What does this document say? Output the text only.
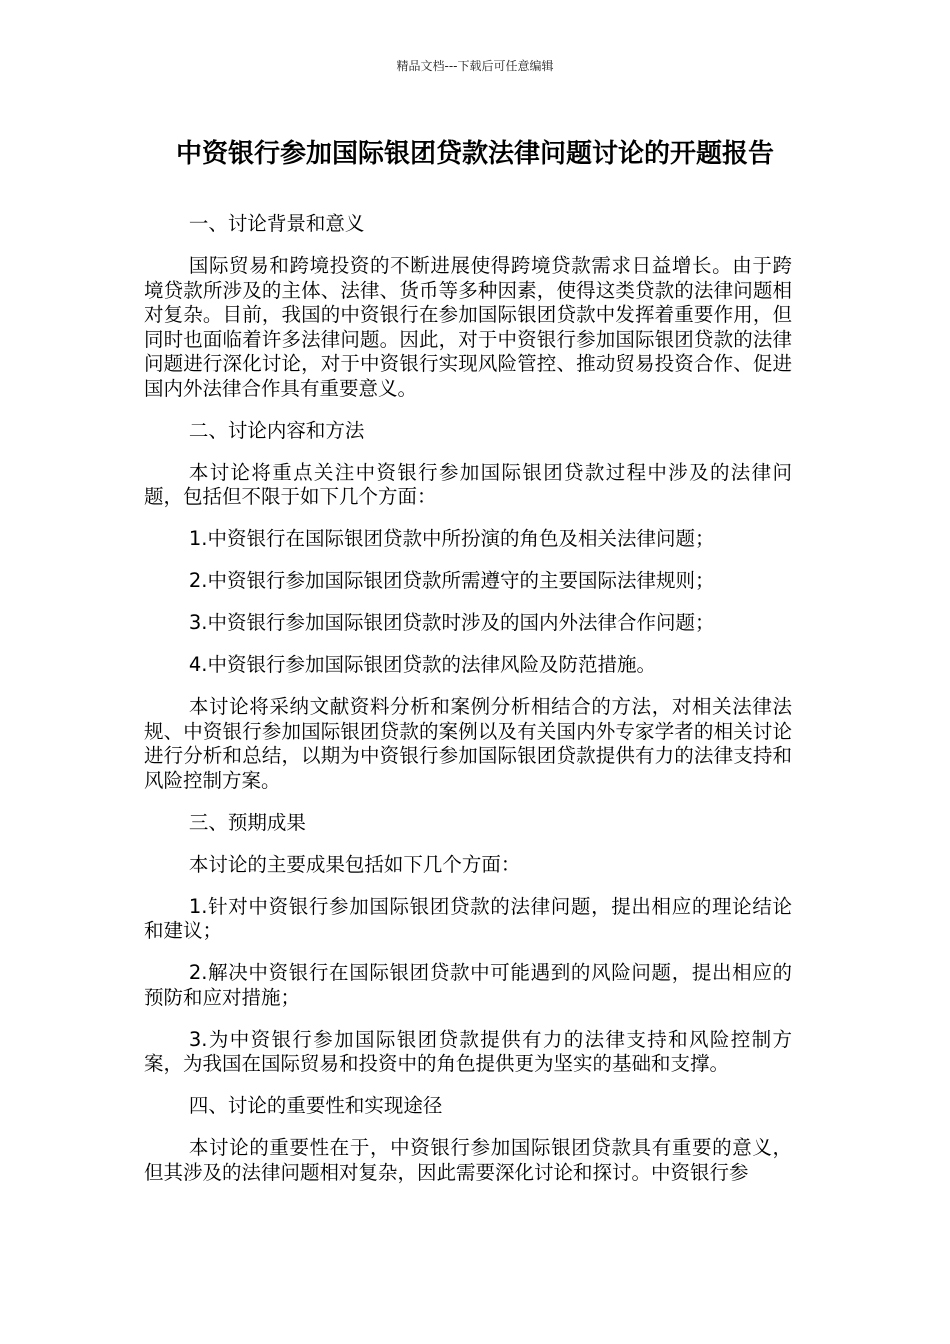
精品文档---下载后可任意编辑
中资银行参加国际银团贷款法律问题讨论的开题报告

一、讨论背景和意义

国际贸易和跨境投资的不断进展使得跨境贷款需求日益增长。由于跨境贷款所涉及的主体、法律、货币等多种因素，使得这类贷款的法律问题相对复杂。目前，我国的中资银行在参加国际银团贷款中发挥着重要作用，但同时也面临着许多法律问题。因此，对于中资银行参加国际银团贷款的法律问题进行深化讨论，对于中资银行实现风险管控、推动贸易投资合作、促进国内外法律合作具有重要意义。

二、讨论内容和方法

本讨论将重点关注中资银行参加国际银团贷款过程中涉及的法律问题，包括但不限于如下几个方面：

1.中资银行在国际银团贷款中所扮演的角色及相关法律问题；

2.中资银行参加国际银团贷款所需遵守的主要国际法律规则；

3.中资银行参加国际银团贷款时涉及的国内外法律合作问题；

4.中资银行参加国际银团贷款的法律风险及防范措施。

本讨论将采纳文献资料分析和案例分析相结合的方法，对相关法律法规、中资银行参加国际银团贷款的案例以及有关国内外专家学者的相关讨论进行分析和总结，以期为中资银行参加国际银团贷款提供有力的法律支持和风险控制方案。

三、预期成果

本讨论的主要成果包括如下几个方面：

1.针对中资银行参加国际银团贷款的法律问题，提出相应的理论结论和建议；

2.解决中资银行在国际银团贷款中可能遇到的风险问题，提出相应的预防和应对措施；

3.为中资银行参加国际银团贷款提供有力的法律支持和风险控制方案，为我国在国际贸易和投资中的角色提供更为坚实的基础和支撑。

四、讨论的重要性和实现途径

本讨论的重要性在于，中资银行参加国际银团贷款具有重要的意义，但其涉及的法律问题相对复杂，因此需要深化讨论和探讨。中资银行参
